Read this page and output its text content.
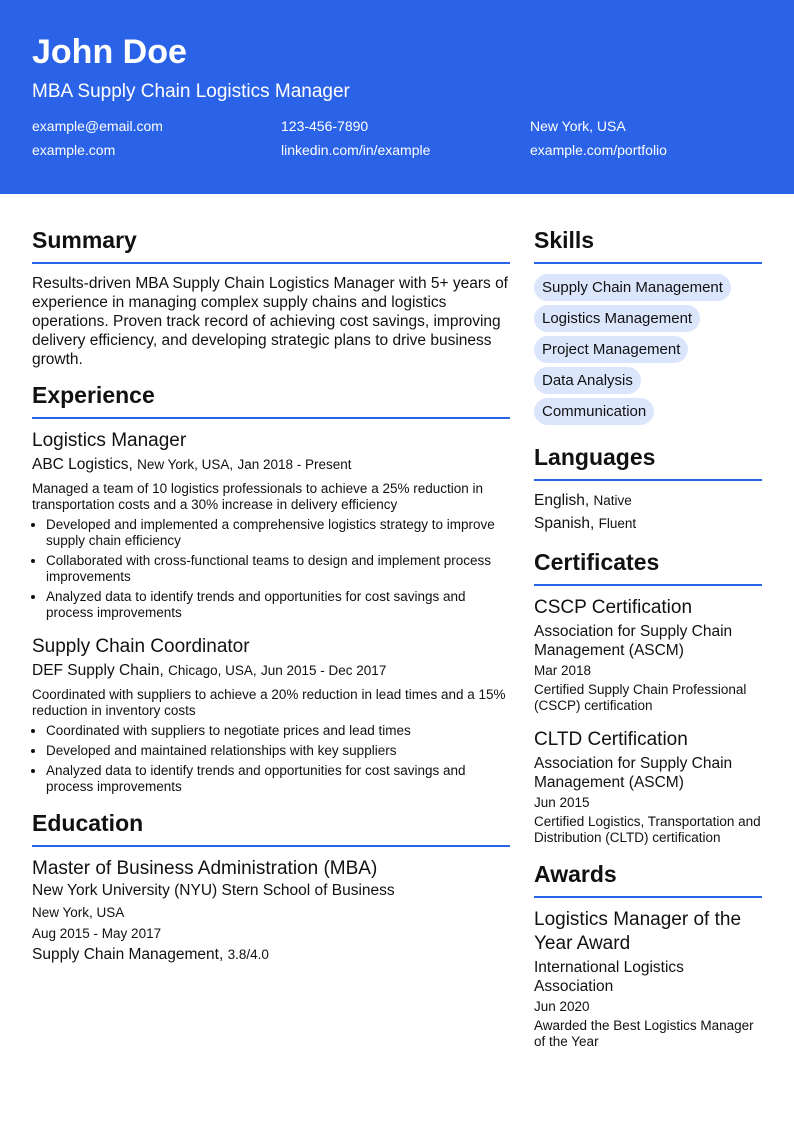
John Doe
MBA Supply Chain Logistics Manager
example@email.com	123-456-7890	New York, USA
example.com	linkedin.com/in/example	example.com/portfolio
Summary
Results-driven MBA Supply Chain Logistics Manager with 5+ years of experience in managing complex supply chains and logistics operations. Proven track record of achieving cost savings, improving delivery efficiency, and developing strategic plans to drive business growth.
Experience
Logistics Manager
ABC Logistics, New York, USA, Jan 2018 - Present
Managed a team of 10 logistics professionals to achieve a 25% reduction in transportation costs and a 30% increase in delivery efficiency
• Developed and implemented a comprehensive logistics strategy to improve supply chain efficiency
• Collaborated with cross-functional teams to design and implement process improvements
• Analyzed data to identify trends and opportunities for cost savings and process improvements
Supply Chain Coordinator
DEF Supply Chain, Chicago, USA, Jun 2015 - Dec 2017
Coordinated with suppliers to achieve a 20% reduction in lead times and a 15% reduction in inventory costs
• Coordinated with suppliers to negotiate prices and lead times
• Developed and maintained relationships with key suppliers
• Analyzed data to identify trends and opportunities for cost savings and process improvements
Education
Master of Business Administration (MBA)
New York University (NYU) Stern School of Business
New York, USA
Aug 2015 - May 2017
Supply Chain Management, 3.8/4.0
Skills
Supply Chain Management
Logistics Management
Project Management
Data Analysis
Communication
Languages
English, Native
Spanish, Fluent
Certificates
CSCP Certification
Association for Supply Chain Management (ASCM)
Mar 2018
Certified Supply Chain Professional (CSCP) certification
CLTD Certification
Association for Supply Chain Management (ASCM)
Jun 2015
Certified Logistics, Transportation and Distribution (CLTD) certification
Awards
Logistics Manager of the Year Award
International Logistics Association
Jun 2020
Awarded the Best Logistics Manager of the Year
